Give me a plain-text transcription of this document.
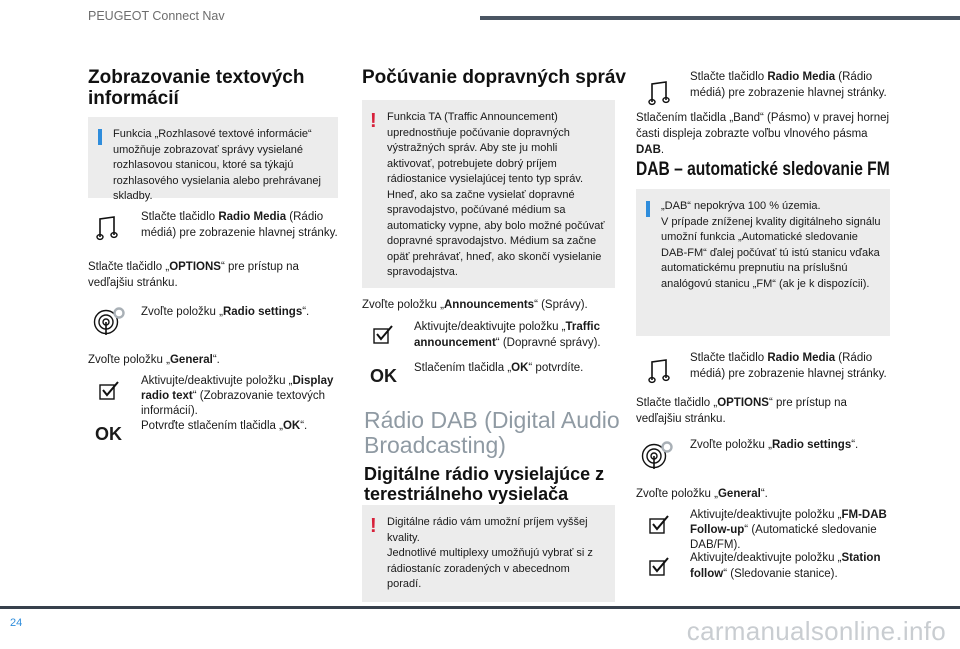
PEUGEOT Connect Nav
Zobrazovanie textových informácií
Funkcia „Rozhlasové textové informácie“ umožňuje zobrazovať správy vysielané rozhlasovou stanicou, ktoré sa týkajú rozhlasového vysielania alebo prehrávanej skladby.
Stlačte tlačidlo Radio Media (Rádio médiá) pre zobrazenie hlavnej stránky.
Stlačte tlačidlo „OPTIONS“ pre prístup na vedľajšiu stránku.
Zvoľte položku „Radio settings“.
Zvoľte položku „General“.
Aktivujte/deaktivujte položku „Display radio text“ (Zobrazovanie textových informácií).
OK Potvrďte stlačením tlačidla „OK“.
Počúvanie dopravných správ
! Funkcia TA (Traffic Announcement) uprednostňuje počúvanie dopravných výstražných správ. Aby ste ju mohli aktivovať, potrebujete dobrý príjem rádiostanice vysielajúcej tento typ správ. Hneď, ako sa začne vysielať dopravné spravodajstvo, počúvané médium sa automaticky vypne, aby bolo možné počúvať dopravné spravodajstvo. Médium sa začne opäť prehrávať, hneď, ako skončí vysielanie spravodajstva.
Zvoľte položku „Announcements“ (Správy).
Aktivujte/deaktivujte položku „Traffic announcement“ (Dopravné správy).
OK Stlačením tlačidla „OK“ potvrdíte.
Rádio DAB (Digital Audio Broadcasting)
Digitálne rádio vysielajúce z terestriálneho vysielača
! Digitálne rádio vám umožní príjem vyššej kvality.
Jednotlivé multiplexy umožňujú vybrať si z rádiostaníc zoradených v abecednom poradí.
Stlačte tlačidlo Radio Media (Rádio médiá) pre zobrazenie hlavnej stránky.
Stlačením tlačidla „Band“ (Pásmo) v pravej hornej časti displeja zobrazte voľbu vlnového pásma DAB.
DAB – automatické sledovanie FM
„DAB“ nepokrýva 100 % územia.
V prípade zníženej kvality digitálneho signálu umožní funkcia „Automatické sledovanie DAB-FM“ ďalej počúvať tú istú stanicu vďaka automatickému prepnutiu na príslušnú analógovú stanicu „FM“ (ak je k dispozícii).
Stlačte tlačidlo Radio Media (Rádio médiá) pre zobrazenie hlavnej stránky.
Stlačte tlačidlo „OPTIONS“ pre prístup na vedľajšiu stránku.
Zvoľte položku „Radio settings“.
Zvoľte položku „General“.
Aktivujte/deaktivujte položku „FM-DAB Follow-up“ (Automatické sledovanie DAB/FM).
Aktivujte/deaktivujte položku „Station follow“ (Sledovanie stanice).
24	carmanualsonline.info
